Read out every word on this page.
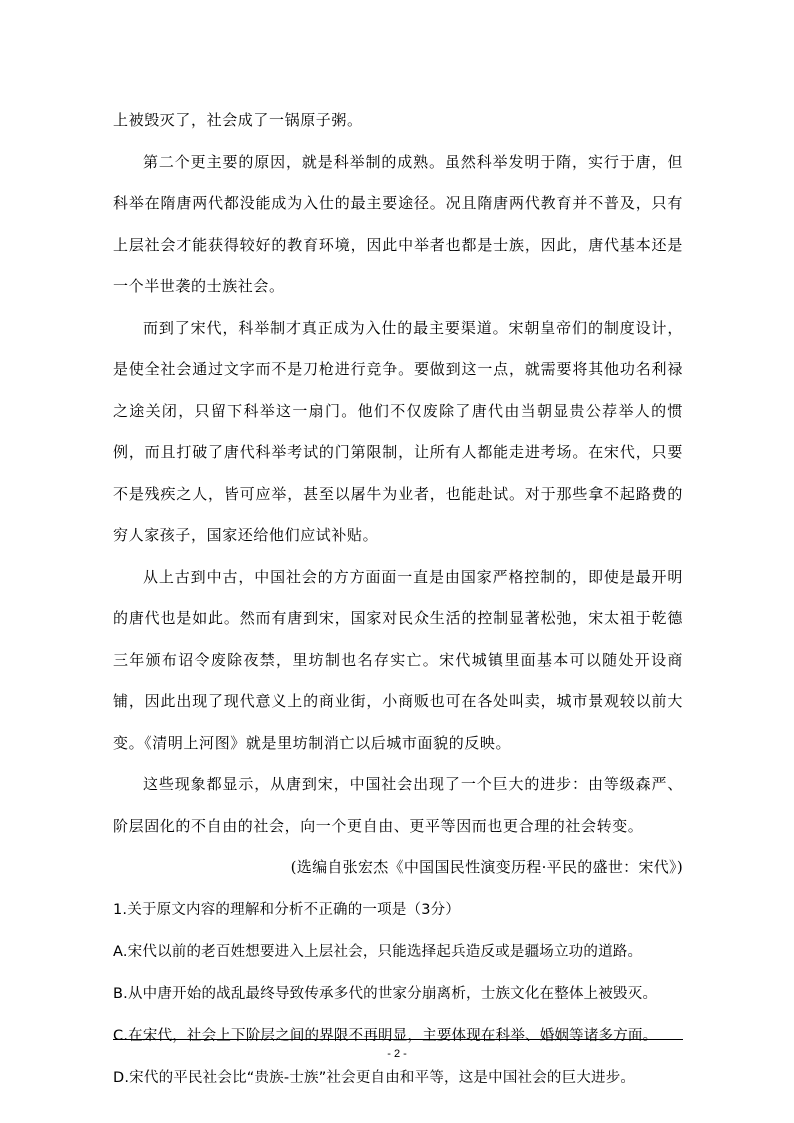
上被毁灭了，社会成了一锅原子粥。

第二个更主要的原因，就是科举制的成熟。虽然科举发明于隋，实行于唐，但科举在隋唐两代都没能成为入仕的最主要途径。况且隋唐两代教育并不普及，只有上层社会才能获得较好的教育环境，因此中举者也都是士族，因此，唐代基本还是一个半世袭的士族社会。

而到了宋代，科举制才真正成为入仕的最主要渠道。宋朝皇帝们的制度设计，是使全社会通过文字而不是刀枪进行竞争。要做到这一点，就需要将其他功名利禄之途关闭，只留下科举这一扇门。他们不仅废除了唐代由当朝显贵公荐举人的惯例，而且打破了唐代科举考试的门第限制，让所有人都能走进考场。在宋代，只要不是残疾之人，皆可应举，甚至以屠牛为业者，也能赴试。对于那些拿不起路费的穷人家孩子，国家还给他们应试补贴。

从上古到中古，中国社会的方方面面一直是由国家严格控制的，即使是最开明的唐代也是如此。然而有唐到宋，国家对民众生活的控制显著松弛，宋太祖于乾德三年颁布诏令废除夜禁，里坊制也名存实亡。宋代城镇里面基本可以随处开设商铺，因此出现了现代意义上的商业街，小商贩也可在各处叫卖，城市景观较以前大变。《清明上河图》就是里坊制消亡以后城市面貌的反映。

这些现象都显示，从唐到宋，中国社会出现了一个巨大的进步：由等级森严、阶层固化的不自由的社会，向一个更自由、更平等因而也更合理的社会转变。

(选编自张宏杰《中国国民性演变历程·平民的盛世：宋代》)

1.关于原文内容的理解和分析不正确的一项是（3分）

A.宋代以前的老百姓想要进入上层社会，只能选择起兵造反或是疆场立功的道路。

B.从中唐开始的战乱最终导致传承多代的世家分崩离析，士族文化在整体上被毁灭。

C.在宋代，社会上下阶层之间的界限不再明显，主要体现在科举、婚姻等诸多方面。

D.宋代的平民社会比“贵族-士族”社会更自由和平等，这是中国社会的巨大进步。

- 2 -
